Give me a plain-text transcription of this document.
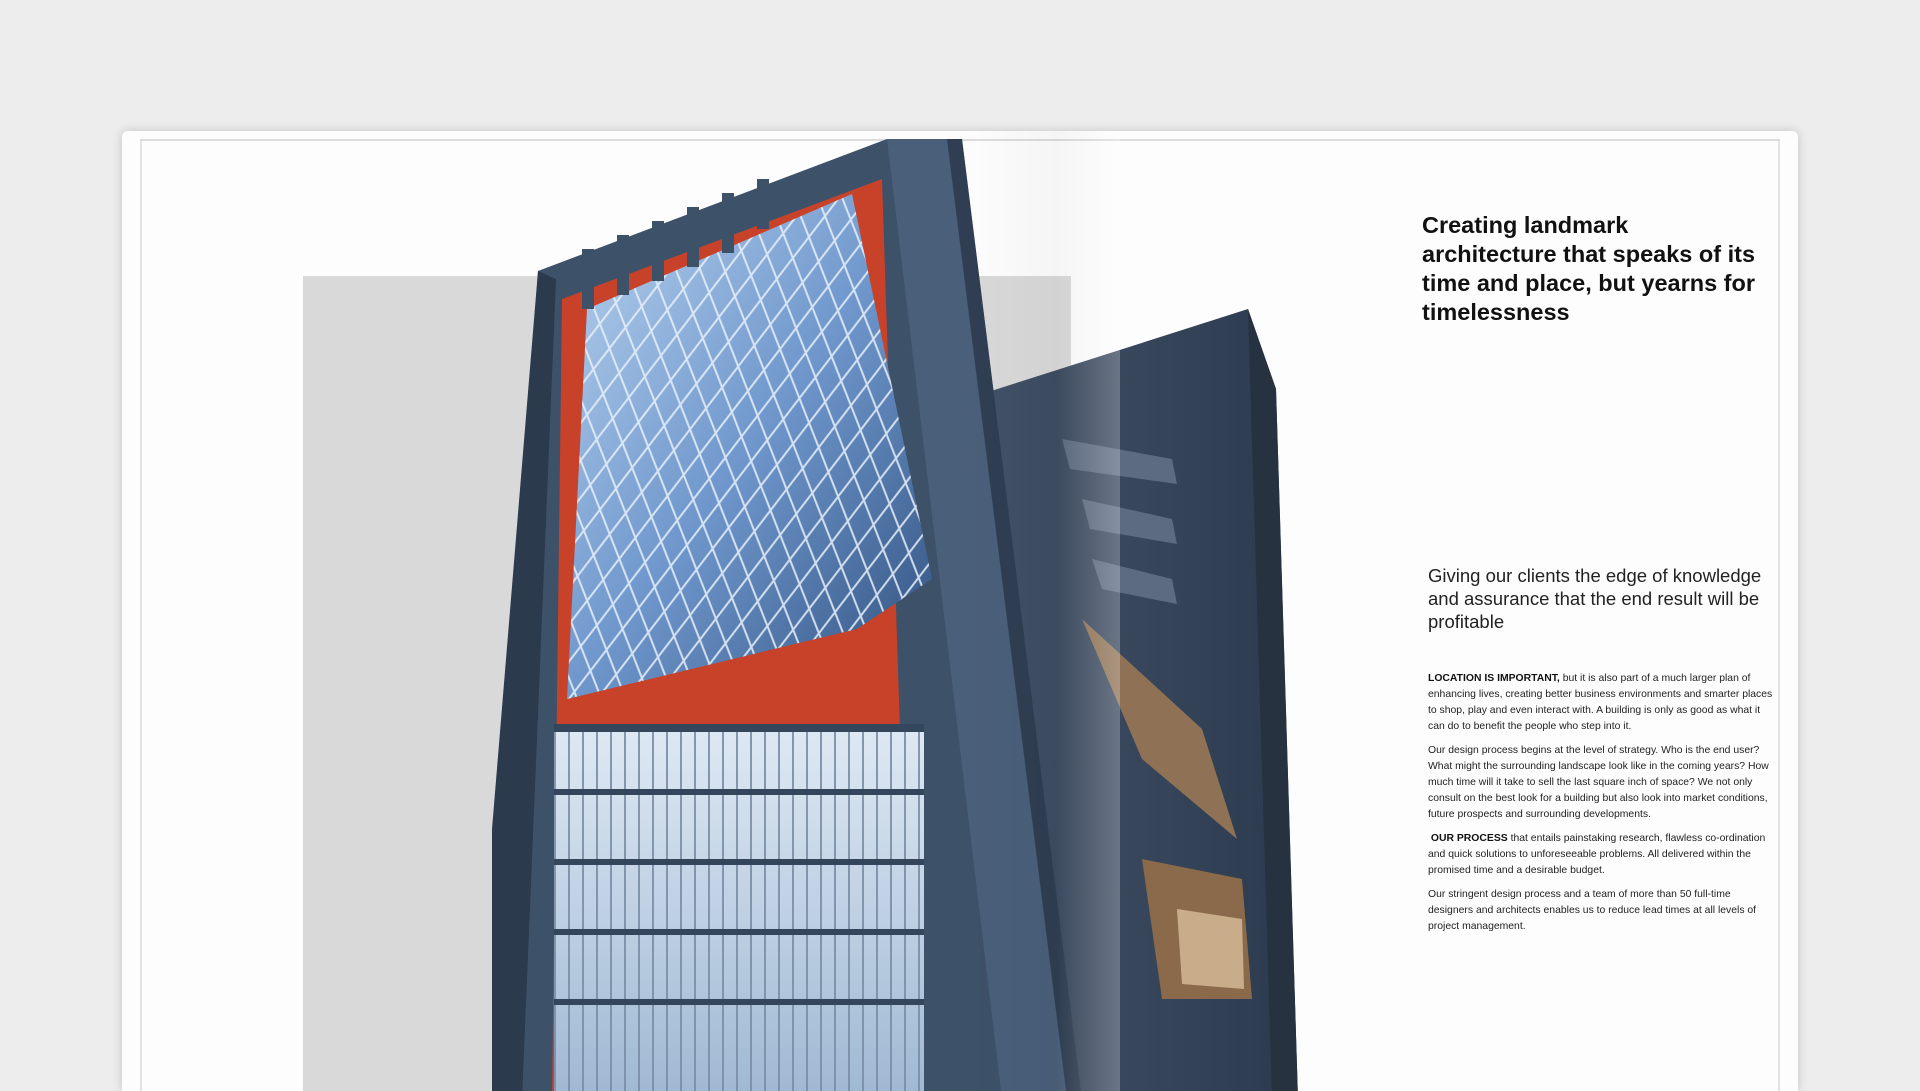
Creating landmark architecture that speaks of its time and place, but yearns for timelessness

Giving our clients the edge of knowledge and assurance that the end result will be profitable

LOCATION IS IMPORTANT, but it is also part of a much larger plan of enhancing lives, creating better business environments and smarter places to shop, play and even interact with. A building is only as good as what it can do to benefit the people who step into it.

Our design process begins at the level of strategy. Who is the end user? What might the surrounding landscape look like in the coming years? How much time will it take to sell the last square inch of space? We not only consult on the best look for a building but also look into market conditions, future prospects and surrounding developments.

OUR PROCESS that entails painstaking research, flawless co-ordination and quick solutions to unforeseeable problems. All delivered within the promised time and a desirable budget.

Our stringent design process and a team of more than 50 full-time designers and architects enables us to reduce lead times at all levels of project management.
